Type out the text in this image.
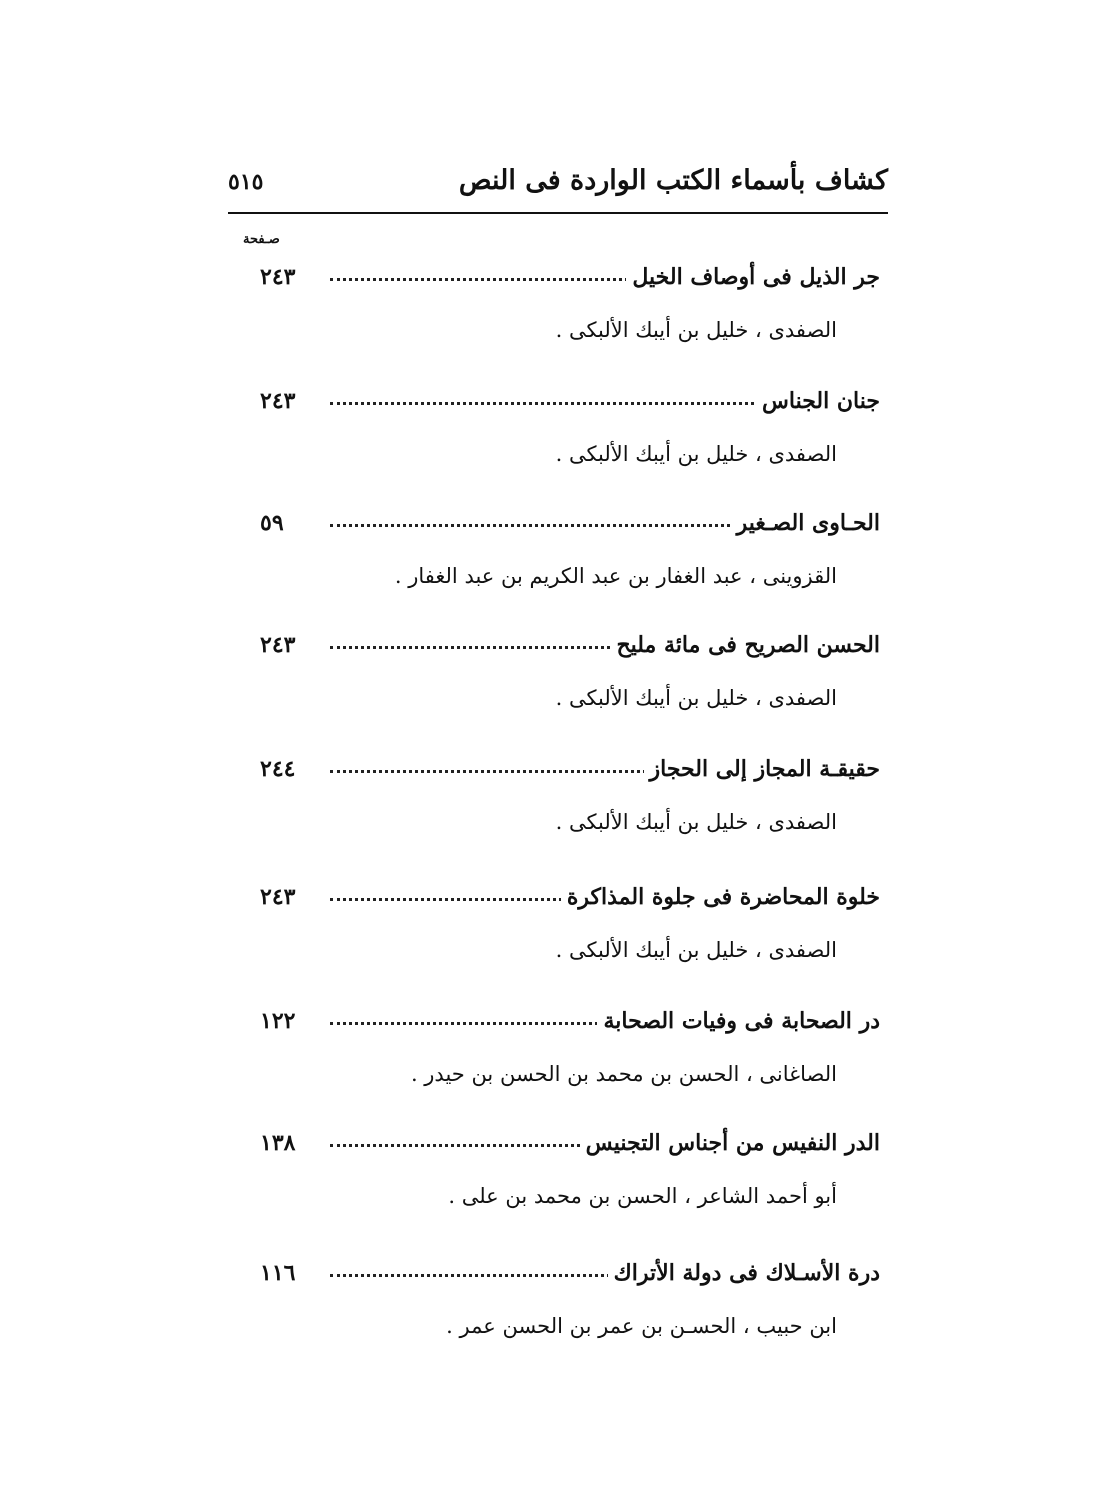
٥١٥	كشاف بأسماء الكتب الواردة فى النص
صـفحة
جر الذيل فى أوصاف الخيل
٢٤٣
الصفدى ، خليل بن أيبك الألبكى .
جنان الجناس
٢٤٣
الصفدى ، خليل بن أيبك الألبكى .
الحـاوى الصـغير
٥٩
القزوينى ، عبد الغفار بن عبد الكريم بن عبد الغفار .
الحسن الصريح فى مائة مليح
٢٤٣
الصفدى ، خليل بن أيبك الألبكى .
حقيقـة المجاز إلى الحجاز
٢٤٤
الصفدى ، خليل بن أيبك الألبكى .
خلوة المحاضرة فى جلوة المذاكرة
٢٤٣
الصفدى ، خليل بن أيبك الألبكى .
در الصحابة فى وفيات الصحابة
١٢٢
الصاغانى ، الحسن بن محمد بن الحسن بن حيدر .
الدر النفيس من أجناس التجنيس
١٣٨
أبو أحمد الشاعر ، الحسن بن محمد بن على .
درة الأسـلاك فى دولة الأتراك
١١٦
ابن حبيب ، الحسـن بن عمر بن الحسن عمر .
